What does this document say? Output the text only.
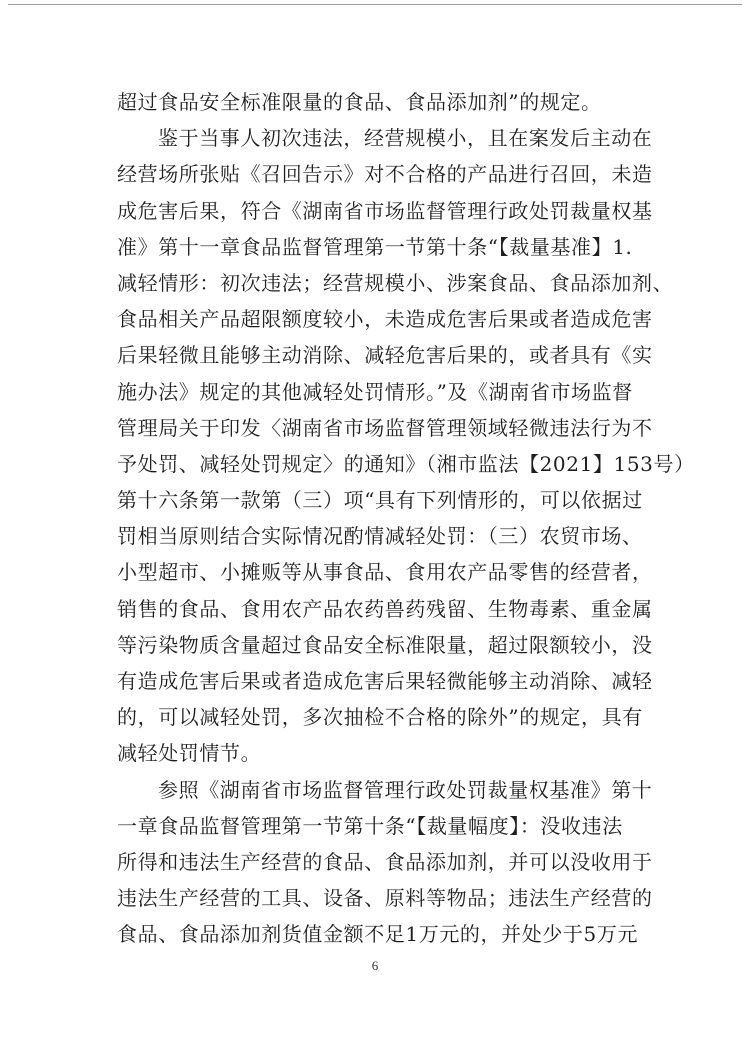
超过食品安全标准限量的食品、食品添加剂”的规定。

鉴于当事人初次违法，经营规模小，且在案发后主动在
经营场所张贴《召回告示》对不合格的产品进行召回，未造
成危害后果，符合《湖南省市场监督管理行政处罚裁量权基
准》第十一章食品监督管理第一节第十条“【裁量基准】1.
减轻情形：初次违法；经营规模小、涉案食品、食品添加剂、
食品相关产品超限额度较小，未造成危害后果或者造成危害
后果轻微且能够主动消除、减轻危害后果的，或者具有《实
施办法》规定的其他减轻处罚情形。”及《湖南省市场监督
管理局关于印发〈湖南省市场监督管理领域轻微违法行为不
予处罚、减轻处罚规定〉的通知》（湘市监法【2021】153号）
第十六条第一款第（三）项“具有下列情形的，可以依据过
罚相当原则结合实际情况酌情减轻处罚：（三）农贸市场、
小型超市、小摊贩等从事食品、食用农产品零售的经营者，
销售的食品、食用农产品农药兽药残留、生物毒素、重金属
等污染物质含量超过食品安全标准限量，超过限额较小，没
有造成危害后果或者造成危害后果轻微能够主动消除、减轻
的，可以减轻处罚，多次抽检不合格的除外”的规定，具有
减轻处罚情节。

参照《湖南省市场监督管理行政处罚裁量权基准》第十
一章食品监督管理第一节第十条“【裁量幅度】：没收违法
所得和违法生产经营的食品、食品添加剂，并可以没收用于
违法生产经营的工具、设备、原料等物品；违法生产经营的
食品、食品添加剂货值金额不足1万元的，并处少于5万元

6
